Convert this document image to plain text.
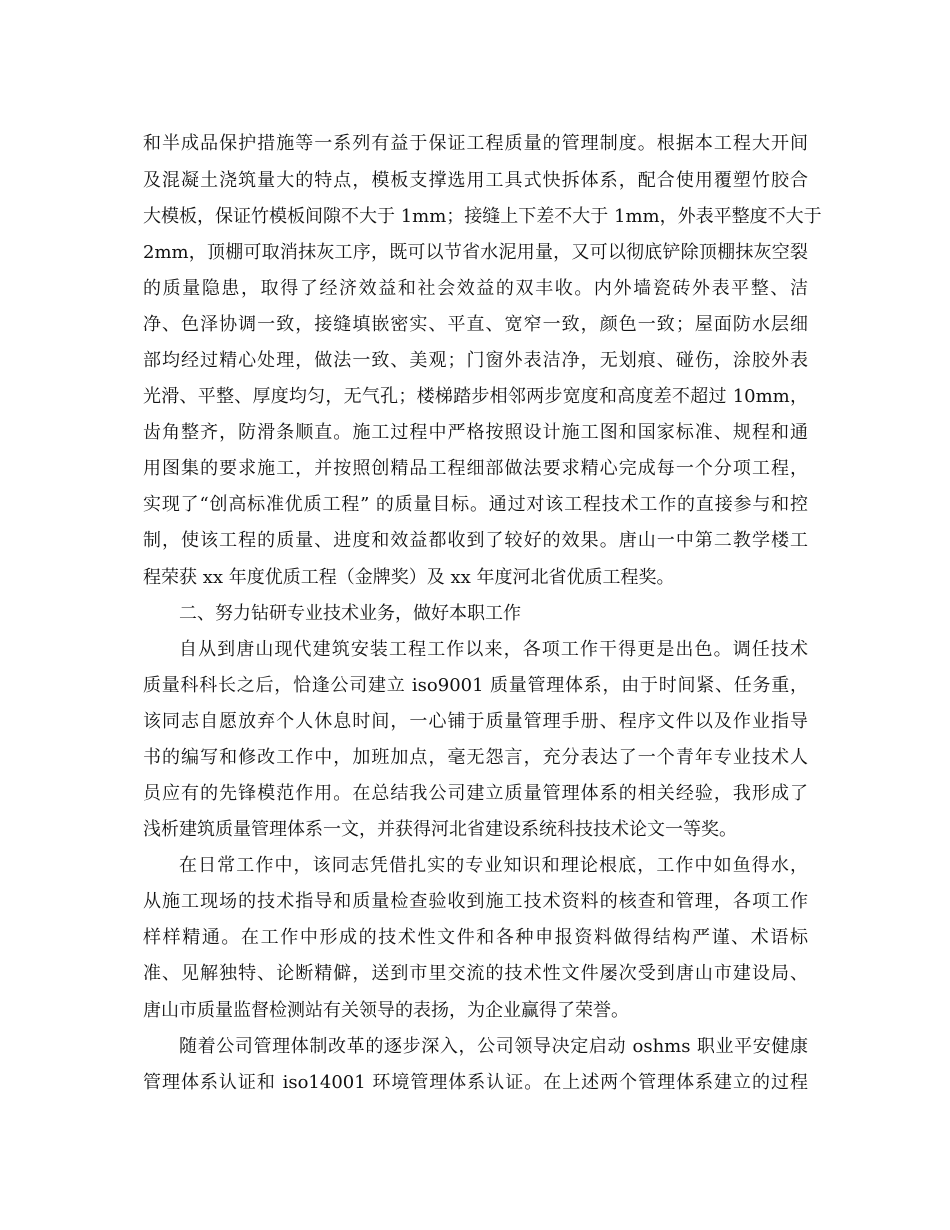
和半成品保护措施等一系列有益于保证工程质量的管理制度。根据本工程大开间
及混凝土浇筑量大的特点，模板支撑选用工具式快拆体系，配合使用覆塑竹胶合
大模板，保证竹模板间隙不大于 1mm；接缝上下差不大于 1mm，外表平整度不大于
2mm，顶棚可取消抹灰工序，既可以节省水泥用量，又可以彻底铲除顶棚抹灰空裂
的质量隐患，取得了经济效益和社会效益的双丰收。内外墙瓷砖外表平整、洁
净、色泽协调一致，接缝填嵌密实、平直、宽窄一致，颜色一致；屋面防水层细
部均经过精心处理，做法一致、美观；门窗外表洁净，无划痕、碰伤，涂胶外表
光滑、平整、厚度均匀，无气孔；楼梯踏步相邻两步宽度和高度差不超过 10mm，
齿角整齐，防滑条顺直。施工过程中严格按照设计施工图和国家标准、规程和通
用图集的要求施工，并按照创精品工程细部做法要求精心完成每一个分项工程，
实现了“创高标准优质工程” 的质量目标。通过对该工程技术工作的直接参与和控
制，使该工程的质量、进度和效益都收到了较好的效果。唐山一中第二教学楼工
程荣获 xx 年度优质工程（金牌奖）及 xx 年度河北省优质工程奖。
二、努力钻研专业技术业务，做好本职工作
自从到唐山现代建筑安装工程工作以来，各项工作干得更是出色。调任技术
质量科科长之后，恰逢公司建立 iso9001 质量管理体系，由于时间紧、任务重，
该同志自愿放弃个人休息时间，一心铺于质量管理手册、程序文件以及作业指导
书的编写和修改工作中，加班加点，毫无怨言，充分表达了一个青年专业技术人
员应有的先锋模范作用。在总结我公司建立质量管理体系的相关经验，我形成了
浅析建筑质量管理体系一文，并获得河北省建设系统科技技术论文一等奖。
在日常工作中，该同志凭借扎实的专业知识和理论根底，工作中如鱼得水，
从施工现场的技术指导和质量检查验收到施工技术资料的核查和管理，各项工作
样样精通。在工作中形成的技术性文件和各种申报资料做得结构严谨、术语标
准、见解独特、论断精僻，送到市里交流的技术性文件屡次受到唐山市建设局、
唐山市质量监督检测站有关领导的表扬，为企业赢得了荣誉。
随着公司管理体制改革的逐步深入，公司领导决定启动 oshms 职业平安健康
管理体系认证和 iso14001 环境管理体系认证。在上述两个管理体系建立的过程
